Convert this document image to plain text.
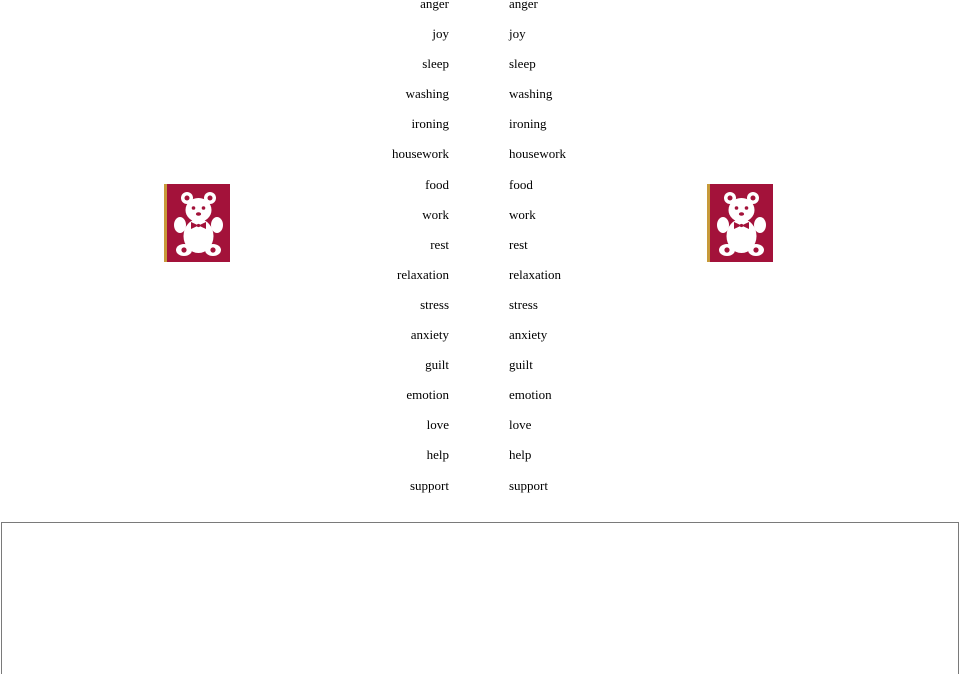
anger
joy
sleep
washing
ironing
housework
food
work
rest
relaxation
stress
anxiety
guilt
emotion
love
help
support
anger
joy
sleep
washing
ironing
housework
food
work
rest
relaxation
stress
anxiety
guilt
emotion
love
help
support
